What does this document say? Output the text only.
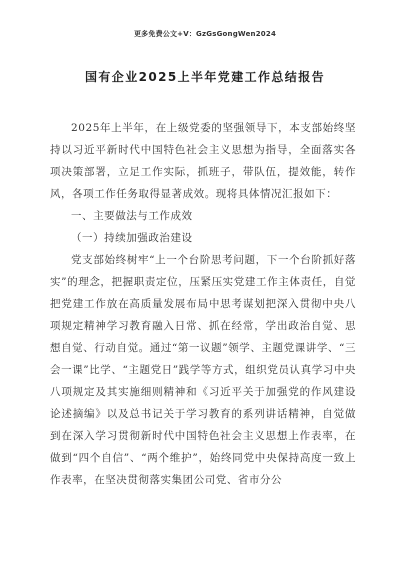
更多免费公文+V：GzGsGongWen2024
国有企业2025上半年党建工作总结报告

2025年上半年，在上级党委的坚强领导下，本支部始终坚持以习近平新时代中国特色社会主义思想为指导，全面落实各项决策部署，立足工作实际，抓班子，带队伍，提效能，转作风，各项工作任务取得显著成效。现将具体情况汇报如下：

一、主要做法与工作成效

（一）持续加强政治建设

党支部始终树牢“上一个台阶思考问题，下一个台阶抓好落实”的理念，把握职责定位，压紧压实党建工作主体责任，自觉把党建工作放在高质量发展布局中思考谋划把深入贯彻中央八项规定精神学习教育融入日常、抓在经常，学出政治自觉、思想自觉、行动自觉。通过“第一议题”领学、主题党课讲学、“三会一课”比学、“主题党日”践学等方式，组织党员认真学习中央八项规定及其实施细则精神和《习近平关于加强党的作风建设论述摘编》以及总书记关于学习教育的系列讲话精神，自觉做到在深入学习贯彻新时代中国特色社会主义思想上作表率，在做到“四个自信”、“两个维护”，始终同党中央保持高度一致上作表率，在坚决贯彻落实集团公司党、省市分公
